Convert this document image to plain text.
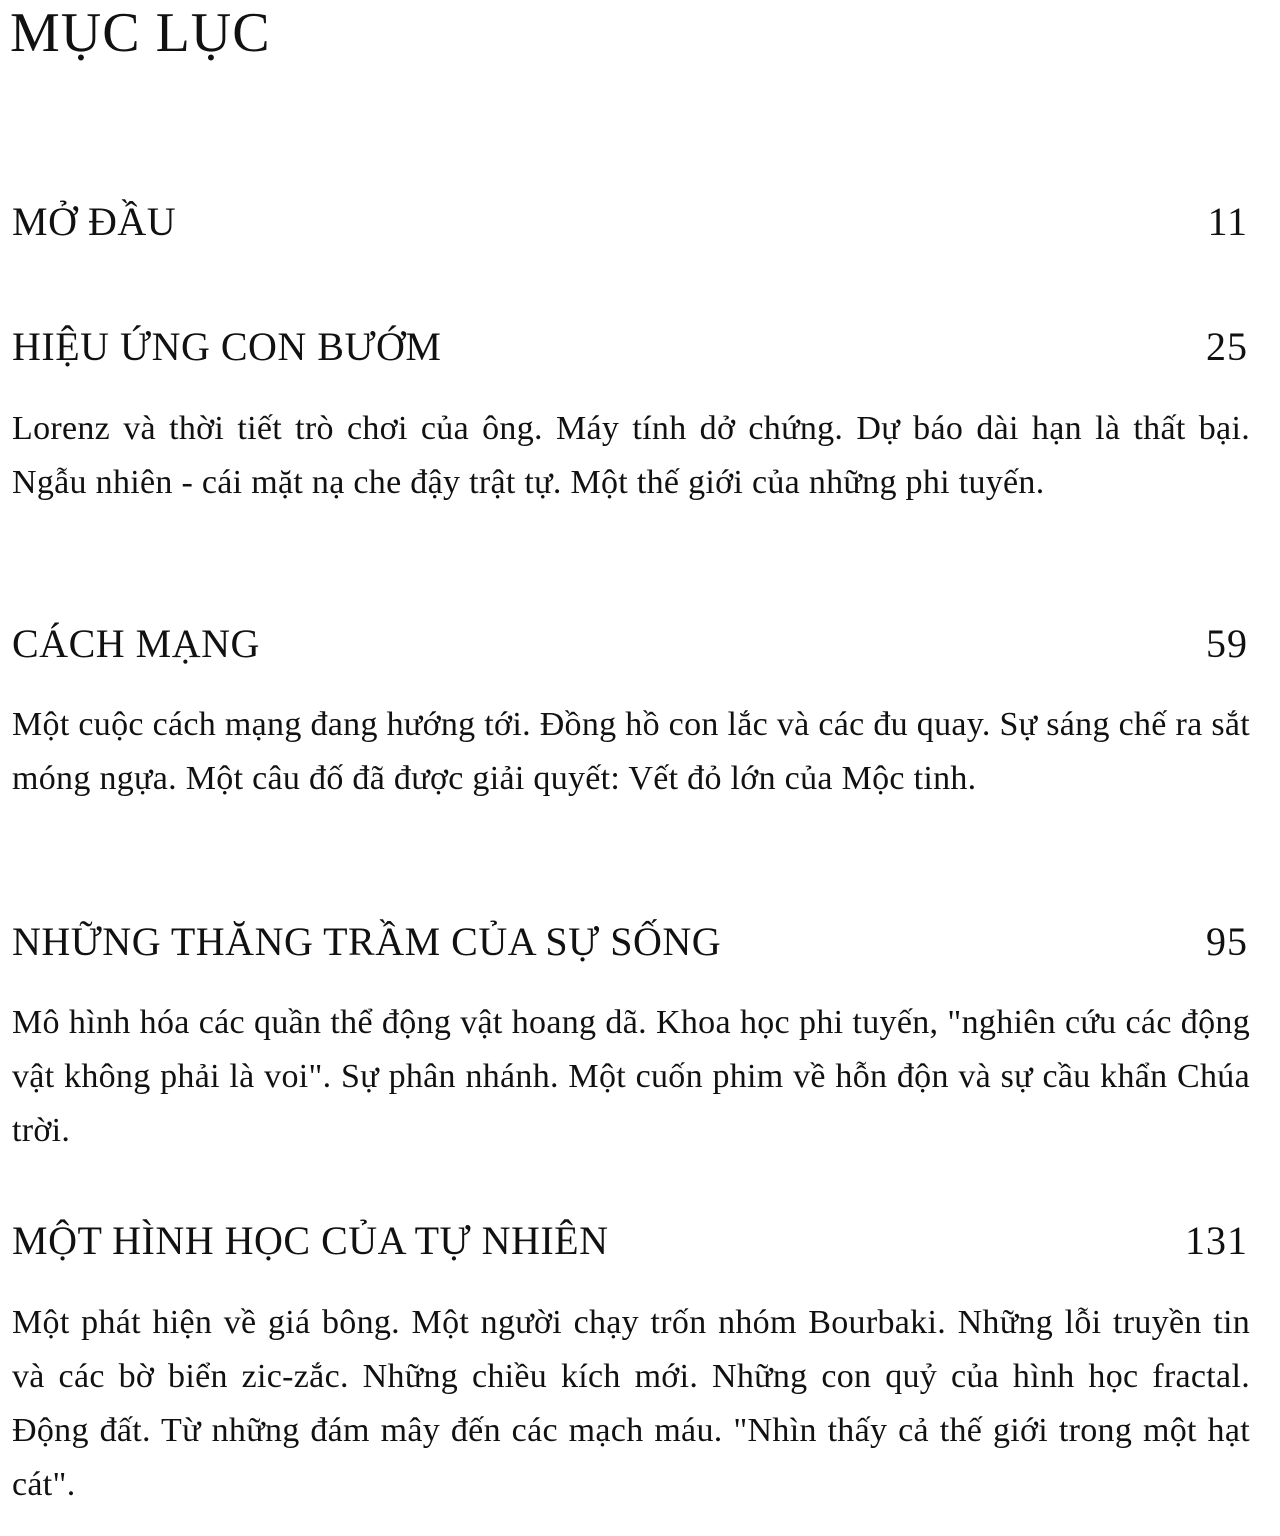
MỤC LỤC
MỞ ĐẦU	11
HIỆU ỨNG CON BƯỚM	25

Lorenz và thời tiết trò chơi của ông. Máy tính dở chứng. Dự báo dài hạn là thất bại. Ngẫu nhiên - cái mặt nạ che đậy trật tự. Một thế giới của những phi tuyến.

CÁCH MẠNG	59

Một cuộc cách mạng đang hướng tới. Đồng hồ con lắc và các đu quay. Sự sáng chế ra sắt móng ngựa. Một câu đố đã được giải quyết: Vết đỏ lớn của Mộc tinh.

NHỮNG THĂNG TRẦM CỦA SỰ SỐNG	95

Mô hình hóa các quần thể động vật hoang dã. Khoa học phi tuyến, "nghiên cứu các động vật không phải là voi". Sự phân nhánh. Một cuốn phim về hỗn độn và sự cầu khẩn Chúa trời.

MỘT HÌNH HỌC CỦA TỰ NHIÊN	131

Một phát hiện về giá bông. Một người chạy trốn nhóm Bourbaki. Những lỗi truyền tin và các bờ biển zic-zắc. Những chiều kích mới. Những con quỷ của hình học fractal. Động đất. Từ những đám mây đến các mạch máu. "Nhìn thấy cả thế giới trong một hạt cát".
